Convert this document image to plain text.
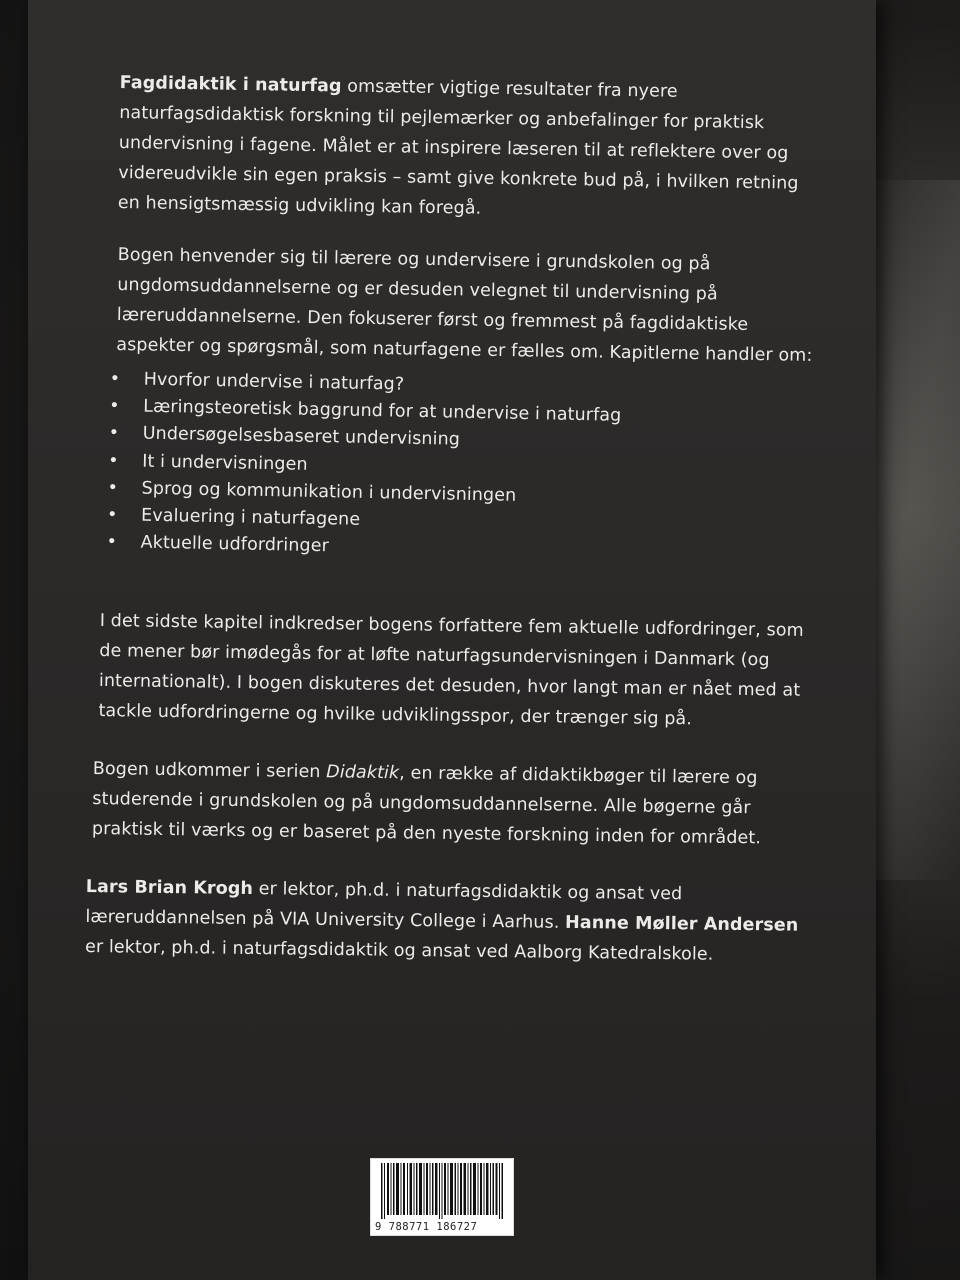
Fagdidaktik i naturfag omsætter vigtige resultater fra nyere naturfagsdidaktisk forskning til pejlemærker og anbefalinger for praktisk undervisning i fagene. Målet er at inspirere læseren til at reflektere over og videreudvikle sin egen praksis – samt give konkrete bud på, i hvilken retning en hensigtsmæssig udvikling kan foregå.

Bogen henvender sig til lærere og undervisere i grundskolen og på ungdomsuddannelserne og er desuden velegnet til undervisning på læreruddannelserne. Den fokuserer først og fremmest på fagdidaktiske aspekter og spørgsmål, som naturfagene er fælles om. Kapitlerne handler om:

• Hvorfor undervise i naturfag?
• Læringsteoretisk baggrund for at undervise i naturfag
• Undersøgelsesbaseret undervisning
• It i undervisningen
• Sprog og kommunikation i undervisningen
• Evaluering i naturfagene
• Aktuelle udfordringer

I det sidste kapitel indkredser bogens forfattere fem aktuelle udfordringer, som de mener bør imødegås for at løfte naturfagsundervisningen i Danmark (og internationalt). I bogen diskuteres det desuden, hvor langt man er nået med at tackle udfordringerne og hvilke udviklingsspor, der trænger sig på.

Bogen udkommer i serien Didaktik, en række af didaktikbøger til lærere og studerende i grundskolen og på ungdomsuddannelserne. Alle bøgerne går praktisk til værks og er baseret på den nyeste forskning inden for området.

Lars Brian Krogh er lektor, ph.d. i naturfagsdidaktik og ansat ved læreruddannelsen på VIA University College i Aarhus. Hanne Møller Andersen er lektor, ph.d. i naturfagsdidaktik og ansat ved Aalborg Katedralskole.

9 788771 186727
